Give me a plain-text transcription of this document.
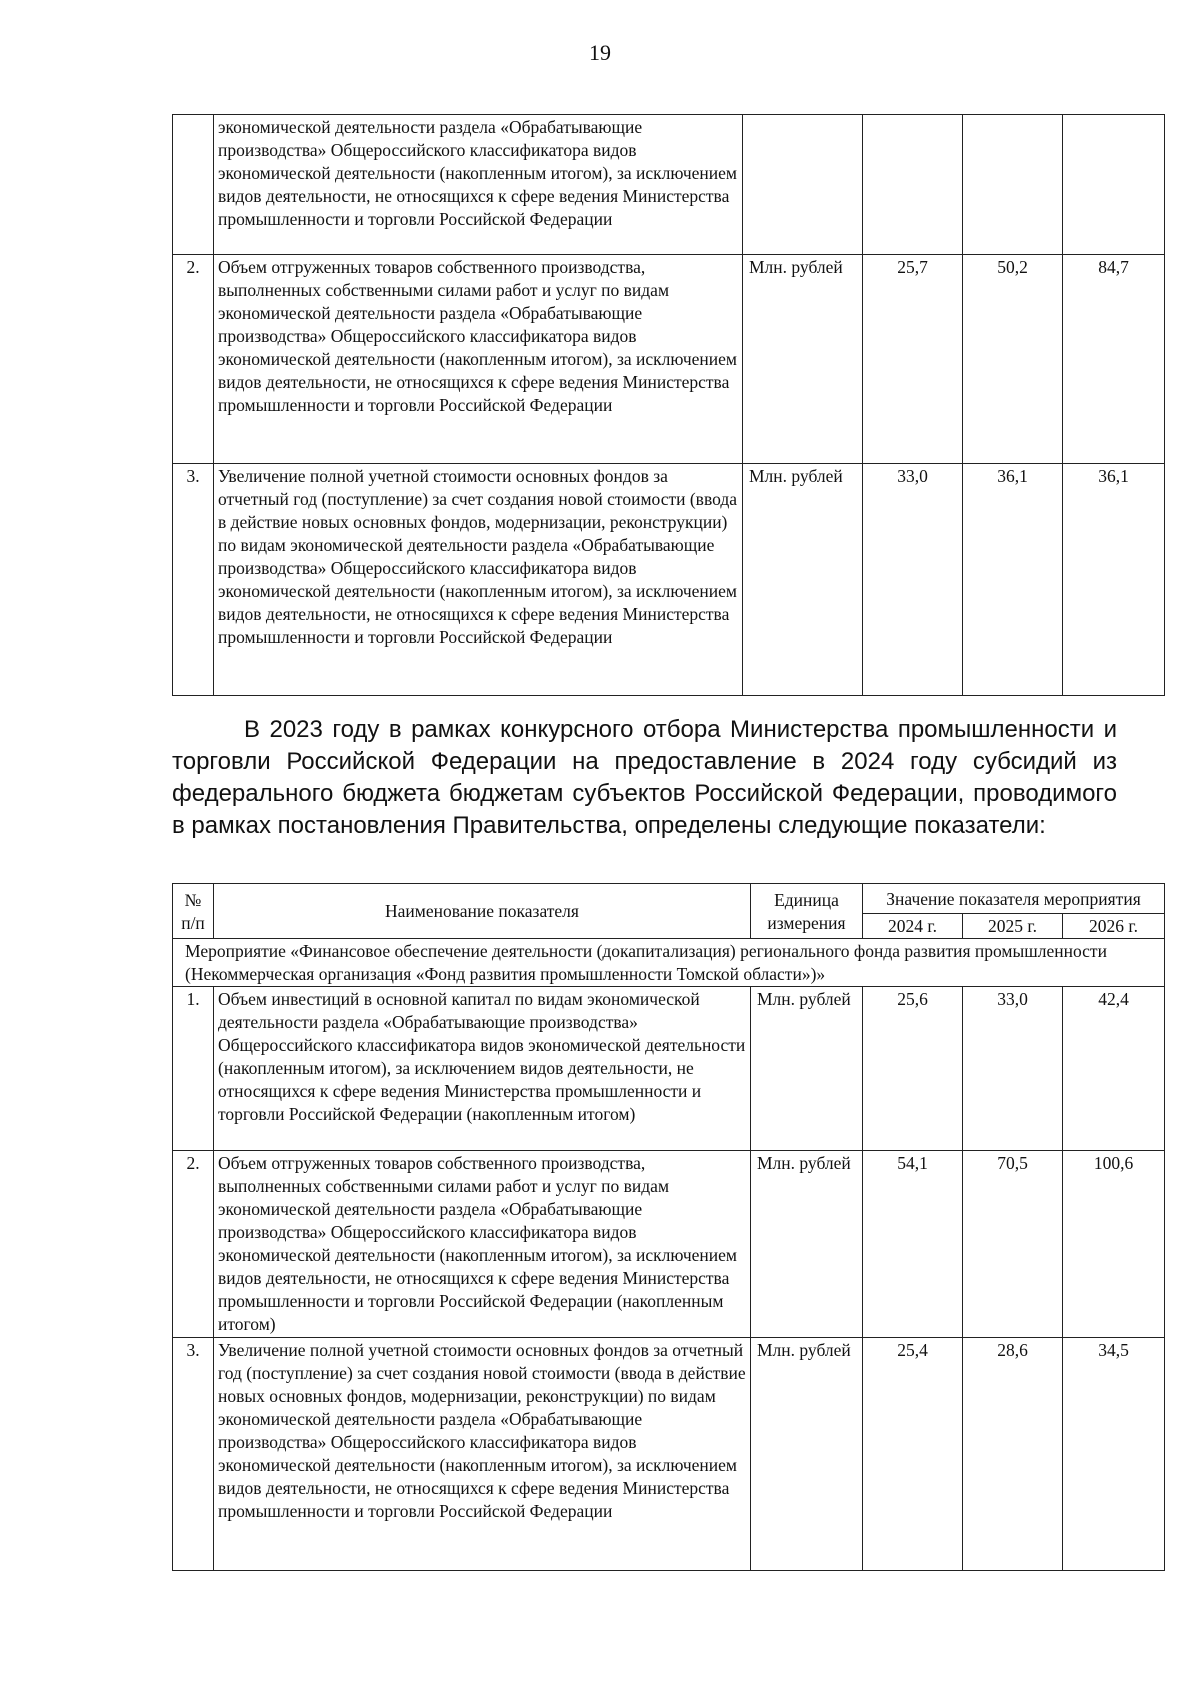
19
	экономической деятельности раздела «Обрабатывающие производства» Общероссийского классификатора видов экономической деятельности (накопленным итогом), за исключением видов деятельности, не относящихся к сфере ведения Министерства промышленности и торговли Российской Федерации				
2.	Объем отгруженных товаров собственного производства, выполненных собственными силами работ и услуг по видам экономической деятельности раздела «Обрабатывающие производства» Общероссийского классификатора видов экономической деятельности (накопленным итогом), за исключением видов деятельности, не относящихся к сфере ведения Министерства промышленности и торговли Российской Федерации	Млн. рублей	25,7	50,2	84,7
3.	Увеличение полной учетной стоимости основных фондов за отчетный год (поступление) за счет создания новой стоимости (ввода в действие новых основных фондов, модернизации, реконструкции) по видам экономической деятельности раздела «Обрабатывающие производства» Общероссийского классификатора видов экономической деятельности (накопленным итогом), за исключением видов деятельности, не относящихся к сфере ведения Министерства промышленности и торговли Российской Федерации	Млн. рублей	33,0	36,1	36,1
В 2023 году в рамках конкурсного отбора Министерства промышленности и торговли Российской Федерации на предоставление в 2024 году субсидий из федерального бюджета бюджетам субъектов Российской Федерации, проводимого в рамках постановления Правительства, определены следующие показатели:
№ п/п	Наименование показателя	Единица измерения	Значение показателя мероприятия		
			2024 г.	2025 г.	2026 г.
Мероприятие «Финансовое обеспечение деятельности (докапитализация) регионального фонда развития промышленности (Некоммерческая организация «Фонд развития промышленности Томской области»)»					
1.	Объем инвестиций в основной капитал по видам экономической деятельности раздела «Обрабатывающие производства» Общероссийского классификатора видов экономической деятельности (накопленным итогом), за исключением видов деятельности, не относящихся к сфере ведения Министерства промышленности и торговли Российской Федерации (накопленным итогом)	Млн. рублей	25,6	33,0	42,4
2.	Объем отгруженных товаров собственного производства, выполненных собственными силами работ и услуг по видам экономической деятельности раздела «Обрабатывающие производства» Общероссийского классификатора видов экономической деятельности (накопленным итогом), за исключением видов деятельности, не относящихся к сфере ведения Министерства промышленности и торговли Российской Федерации (накопленным итогом)	Млн. рублей	54,1	70,5	100,6
3.	Увеличение полной учетной стоимости основных фондов за отчетный год (поступление) за счет создания новой стоимости (ввода в действие новых основных фондов, модернизации, реконструкции) по видам экономической деятельности раздела «Обрабатывающие производства» Общероссийского классификатора видов экономической деятельности (накопленным итогом), за исключением видов деятельности, не относящихся к сфере ведения Министерства промышленности и торговли Российской Федерации	Млн. рублей	25,4	28,6	34,5
